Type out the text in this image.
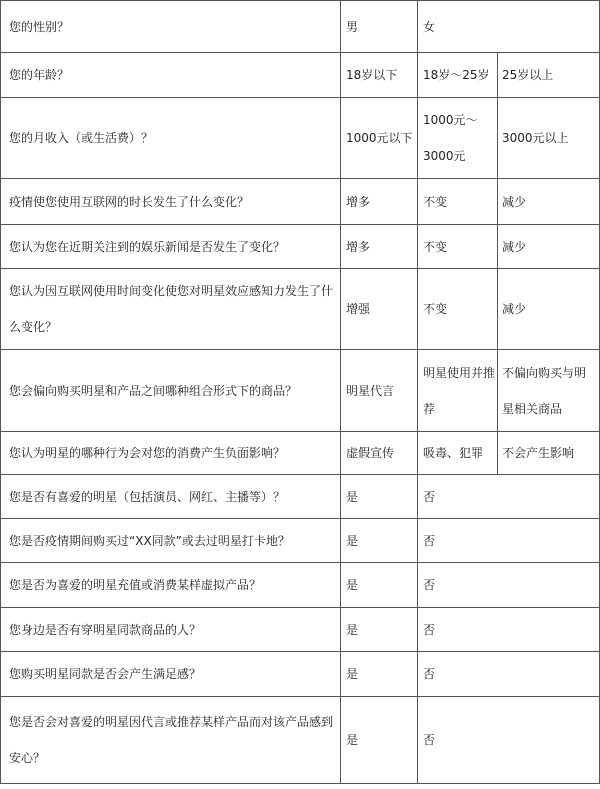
您的性别？	男	女	
您的年龄？	18岁以下	18岁～25岁	25岁以上
您的月收入（或生活费）？	1000元以下	1000元～3000元	3000元以上
疫情使您使用互联网的时长发生了什么变化？	增多	不变	减少
您认为您在近期关注到的娱乐新闻是否发生了变化？	增多	不变	减少
您认为因互联网使用时间变化使您对明星效应感知力发生了什么变化？	增强	不变	减少
您会偏向购买明星和产品之间哪种组合形式下的商品？	明星代言	明星使用并推荐	不偏向购买与明星相关商品
您认为明星的哪种行为会对您的消费产生负面影响？	虚假宣传	吸毒、犯罪	不会产生影响
您是否有喜爱的明星（包括演员、网红、主播等）？	是	否	
您是否疫情期间购买过“XX同款”或去过明星打卡地？	是	否	
您是否为喜爱的明星充值或消费某样虚拟产品？	是	否	
您身边是否有穿明星同款商品的人？	是	否	
您购买明星同款是否会产生满足感？	是	否	
您是否会对喜爱的明星因代言或推荐某样产品而对该产品感到安心？	是	否	
